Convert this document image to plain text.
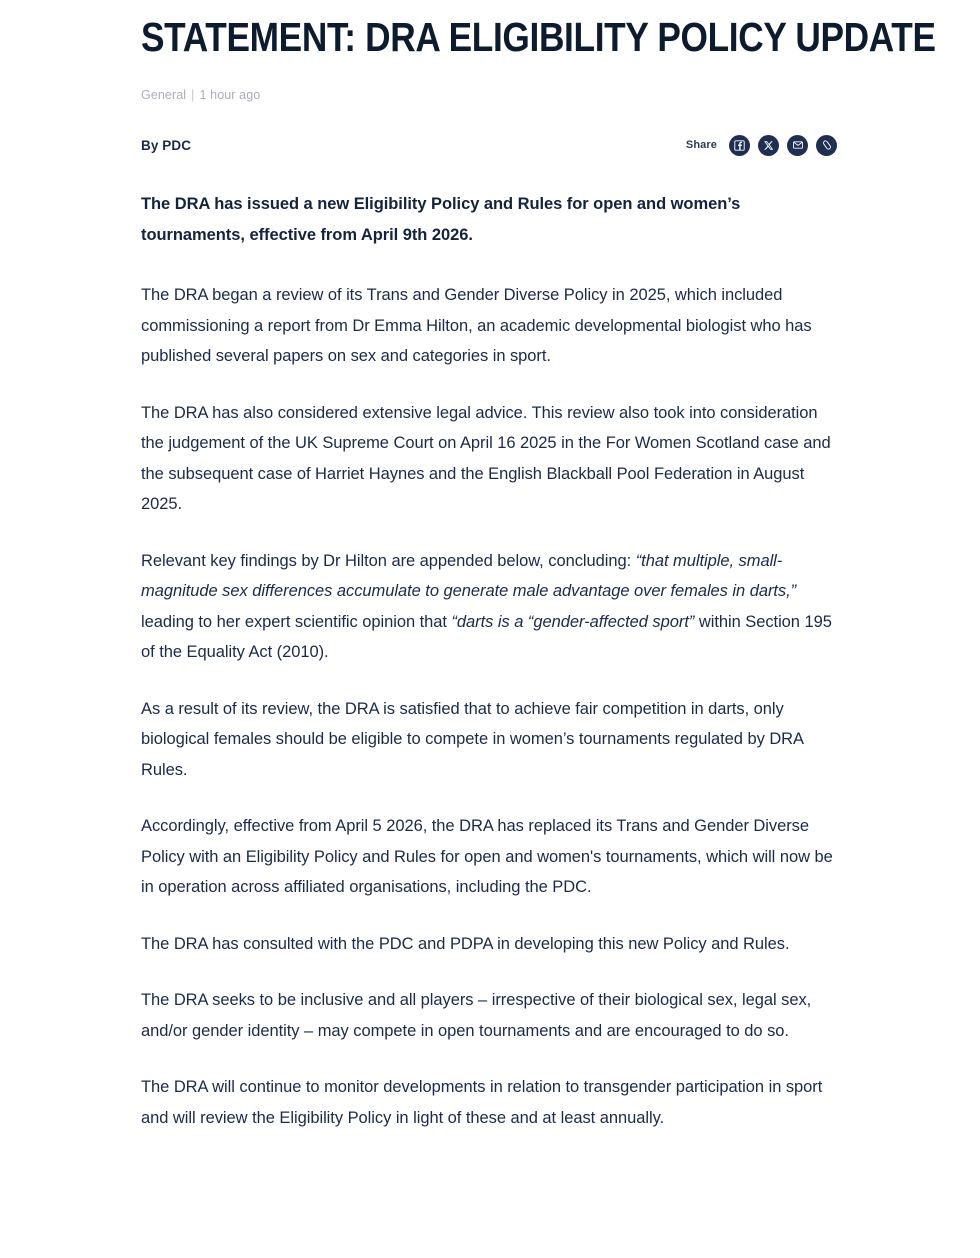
STATEMENT: DRA ELIGIBILITY POLICY UPDATE
General | 1 hour ago
By PDC	Share

The DRA has issued a new Eligibility Policy and Rules for open and women’s tournaments, effective from April 9th 2026.

The DRA began a review of its Trans and Gender Diverse Policy in 2025, which included commissioning a report from Dr Emma Hilton, an academic developmental biologist who has published several papers on sex and categories in sport.

The DRA has also considered extensive legal advice. This review also took into consideration the judgement of the UK Supreme Court on April 16 2025 in the For Women Scotland case and the subsequent case of Harriet Haynes and the English Blackball Pool Federation in August 2025.

Relevant key findings by Dr Hilton are appended below, concluding: “that multiple, small-magnitude sex differences accumulate to generate male advantage over females in darts,” leading to her expert scientific opinion that “darts is a “gender-affected sport” within Section 195 of the Equality Act (2010).

As a result of its review, the DRA is satisfied that to achieve fair competition in darts, only biological females should be eligible to compete in women’s tournaments regulated by DRA Rules.

Accordingly, effective from April 5 2026, the DRA has replaced its Trans and Gender Diverse Policy with an Eligibility Policy and Rules for open and women's tournaments, which will now be in operation across affiliated organisations, including the PDC.

The DRA has consulted with the PDC and PDPA in developing this new Policy and Rules.

The DRA seeks to be inclusive and all players – irrespective of their biological sex, legal sex, and/or gender identity – may compete in open tournaments and are encouraged to do so.

The DRA will continue to monitor developments in relation to transgender participation in sport and will review the Eligibility Policy in light of these and at least annually.
